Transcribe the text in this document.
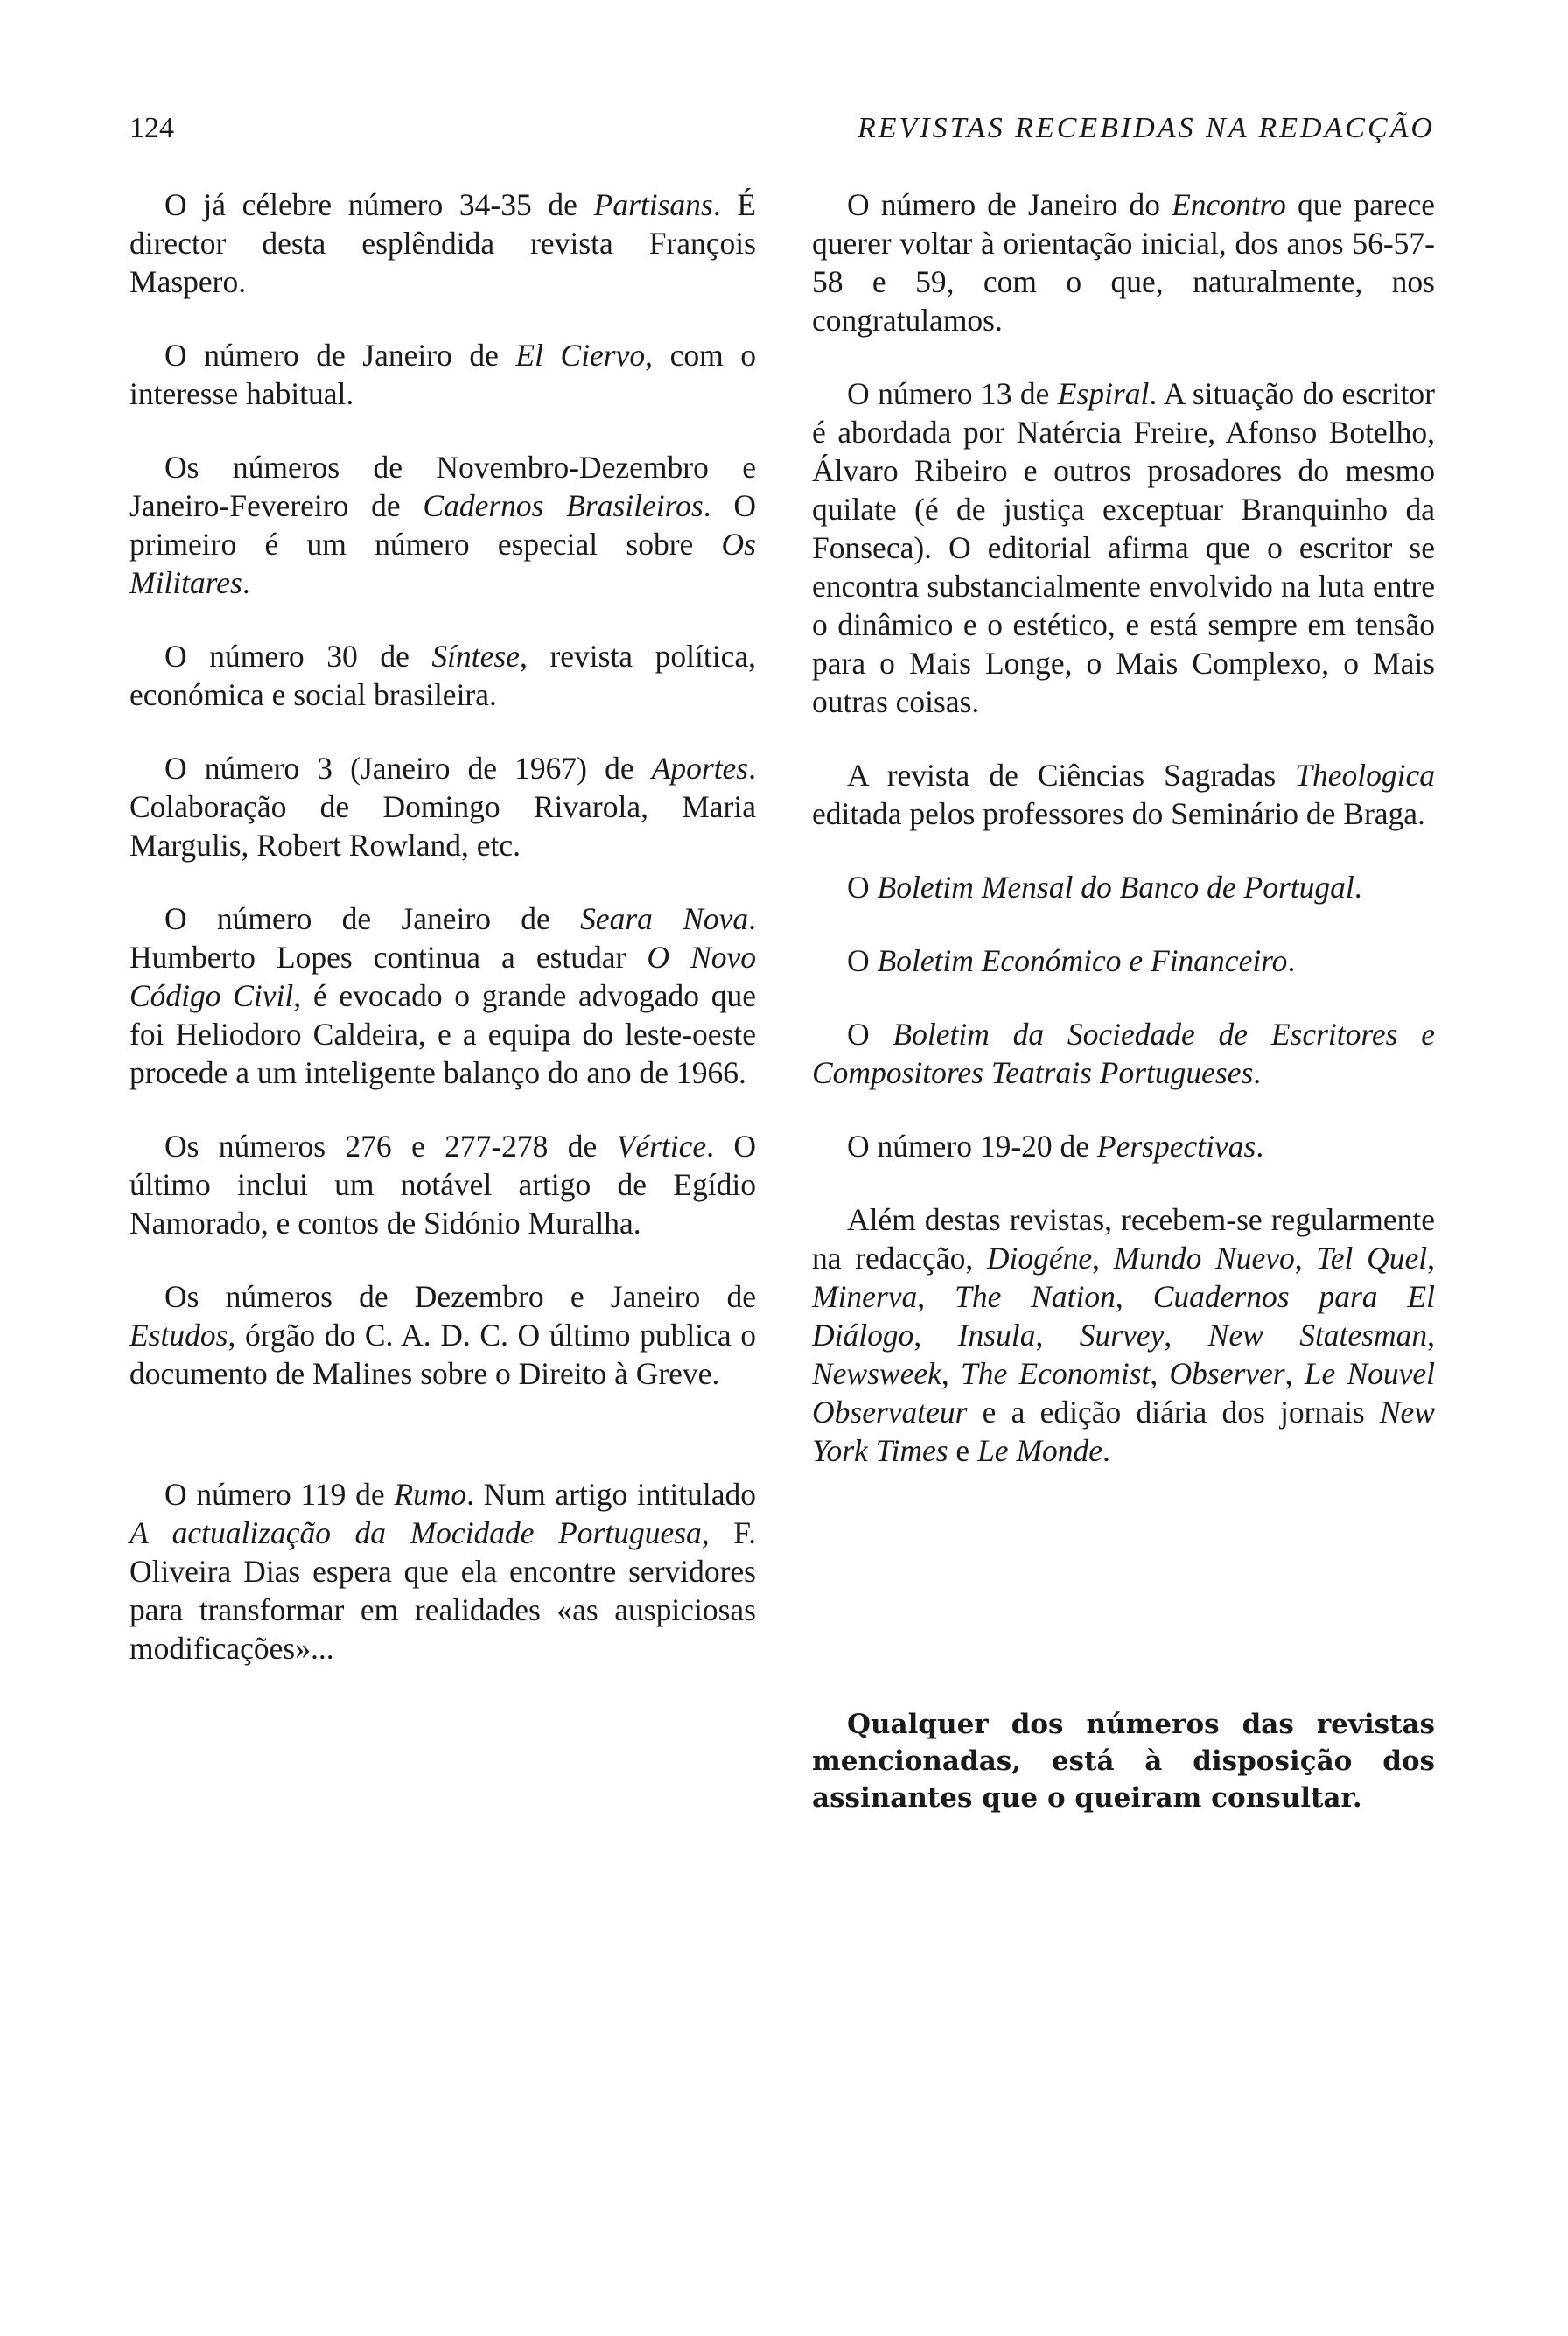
124	REVISTAS RECEBIDAS NA REDACÇÃO

O já célebre número 34-35 de Partisans. É director desta esplêndida revista François Maspero.

O número de Janeiro de El Ciervo, com o interesse habitual.

Os números de Novembro-Dezembro e Janeiro-Fevereiro de Cadernos Brasileiros. O primeiro é um número especial sobre Os Militares.

O número 30 de Síntese, revista política, económica e social brasileira.

O número 3 (Janeiro de 1967) de Aportes. Colaboração de Domingo Rivarola, Maria Margulis, Robert Rowland, etc.

O número de Janeiro de Seara Nova. Humberto Lopes continua a estudar O Novo Código Civil, é evocado o grande advogado que foi Heliodoro Caldeira, e a equipa do leste-oeste procede a um inteligente balanço do ano de 1966.

Os números 276 e 277-278 de Vértice. O último inclui um notável artigo de Egídio Namorado, e contos de Sidónio Muralha.

Os números de Dezembro e Janeiro de Estudos, órgão do C. A. D. C. O último publica o documento de Malines sobre o Direito à Greve.

O número 119 de Rumo. Num artigo intitulado A actualização da Mocidade Portuguesa, F. Oliveira Dias espera que ela encontre servidores para transformar em realidades «as auspiciosas modificações»...

O número de Janeiro do Encontro que parece querer voltar à orientação inicial, dos anos 56-57-58 e 59, com o que, naturalmente, nos congratulamos.

O número 13 de Espiral. A situação do escritor é abordada por Natércia Freire, Afonso Botelho, Álvaro Ribeiro e outros prosadores do mesmo quilate (é de justiça exceptuar Branquinho da Fonseca). O editorial afirma que o escritor se encontra substancialmente envolvido na luta entre o dinâmico e o estético, e está sempre em tensão para o Mais Longe, o Mais Complexo, o Mais outras coisas.

A revista de Ciências Sagradas Theologica editada pelos professores do Seminário de Braga.

O Boletim Mensal do Banco de Portugal.

O Boletim Económico e Financeiro.

O Boletim da Sociedade de Escritores e Compositores Teatrais Portugueses.

O número 19-20 de Perspectivas.

Além destas revistas, recebem-se regularmente na redacção, Diogéne, Mundo Nuevo, Tel Quel, Minerva, The Nation, Cuadernos para El Diálogo, Insula, Survey, New Statesman, Newsweek, The Economist, Observer, Le Nouvel Observateur e a edição diária dos jornais New York Times e Le Monde.

Qualquer dos números das revistas mencionadas, está à disposição dos assinantes que o queiram consultar.
